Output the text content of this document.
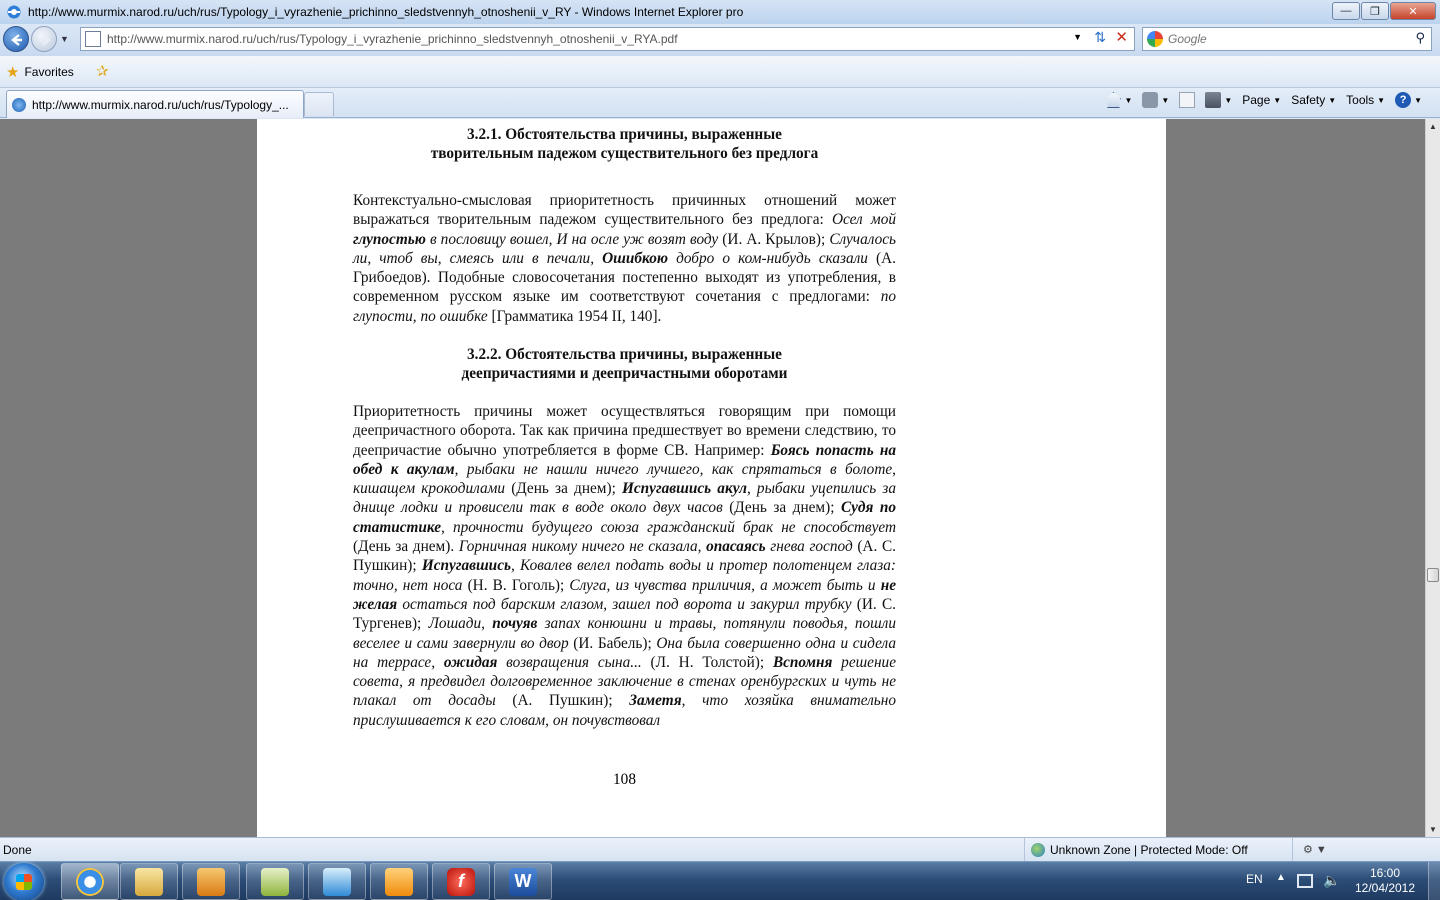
http://www.murmix.narod.ru/uch/rus/Typology_i_vyrazhenie_prichinno_sledstvennyh_otnoshenii_v_RY - Windows Internet Explorer pro	—	❐	✕
▼	http://www.murmix.narod.ru/uch/rus/Typology_i_vyrazhenie_prichinno_sledstvennyh_otnoshenii_v_RYA.pdf	▼ ⇅ ✕
Google	⚲
★ Favorites ✰
http://www.murmix.narod.ru/uch/rus/Typology_...	▼	▼	▼ Page ▼ Safety ▼ Tools ▼	? ▼
3.2.1. Обстоятельства причины, выраженные
творительным падежом существительного без предлога
Контекстуально-смысловая приоритетность причинных отношений может выражаться творительным падежом существительного без предлога: Осел мой глупостью в пословицу вошел, И на осле уж возят воду (И. А. Крылов); Случалось ли, чтоб вы, смеясь или в печали, Ошибкою добро о ком-нибудь сказали (А. Грибоедов). Подобные словосочетания постепенно выходят из употребления, в современном русском языке им соответствуют сочетания с предлогами: по глупости, по ошибке [Грамматика 1954 II, 140].
3.2.2. Обстоятельства причины, выраженные
деепричастиями и деепричастными оборотами
Приоритетность причины может осуществляться говорящим при помощи деепричастного оборота. Так как причина предшествует во времени следствию, то деепричастие обычно употребляется в форме СВ. Например: Боясь попасть на обед к акулам, рыбаки не нашли ничего лучшего, как спрятаться в болоте, кишащем крокодилами (День за днем); Испугавшись акул, рыбаки уцепились за днище лодки и провисели так в воде около двух часов (День за днем); Судя по статистике, прочности будущего союза гражданский брак не способствует (День за днем). Горничная никому ничего не сказала, опасаясь гнева господ (А. С. Пушкин); Испугавшись, Ковалев велел подать воды и протер полотенцем глаза: точно, нет носа (Н. В. Гоголь); Слуга, из чувства приличия, а может быть и не желая остаться под барским глазом, зашел под ворота и закурил трубку (И. С. Тургенев); Лошади, почуяв запах конюшни и травы, потянули поводья, пошли веселее и сами завернули во двор (И. Бабель); Она была совершенно одна и сидела на террасе, ожидая возвращения сына... (Л. Н. Толстой); Вспомня решение совета, я предвидел долговременное заключение в стенах оренбургских и чуть не плакал от досады (А. Пушкин); Заметя, что хозяйка внимательно прислушивается к его словам, он почувствовал
108
▲
▼
Done	Unknown Zone | Protected Mode: Off	⚙ ▼
f	W	EN ▲	🔈	16:00
12/04/2012
